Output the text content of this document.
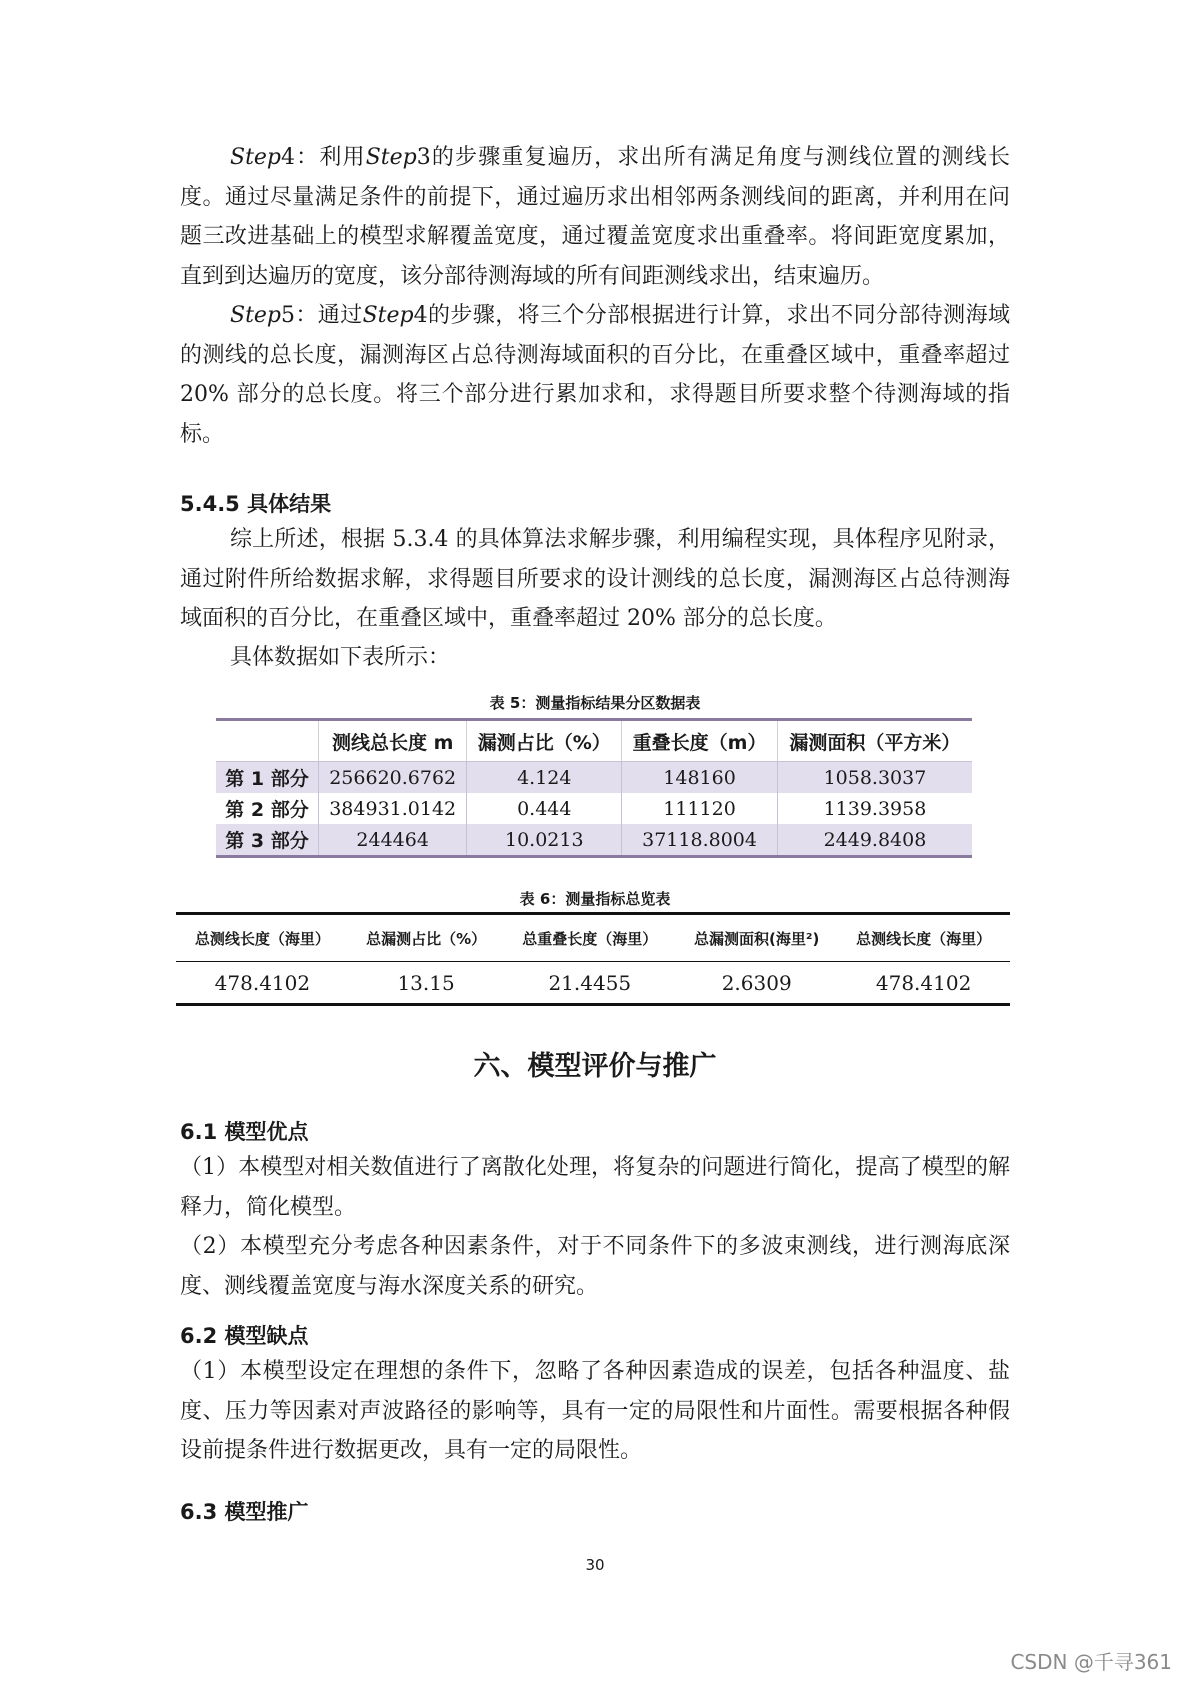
Step4：利用Step3的步骤重复遍历，求出所有满足角度与测线位置的测线长度。通过尽量满足条件的前提下，通过遍历求出相邻两条测线间的距离，并利用在问题三改进基础上的模型求解覆盖宽度，通过覆盖宽度求出重叠率。将间距宽度累加，直到到达遍历的宽度，该分部待测海域的所有间距测线求出，结束遍历。

Step5：通过Step4的步骤，将三个分部根据进行计算，求出不同分部待测海域的测线的总长度，漏测海区占总待测海域面积的百分比，在重叠区域中，重叠率超过 20% 部分的总长度。将三个部分进行累加求和，求得题目所要求整个待测海域的指标。

5.4.5 具体结果

综上所述，根据 5.3.4 的具体算法求解步骤，利用编程实现，具体程序见附录，通过附件所给数据求解，求得题目所要求的设计测线的总长度，漏测海区占总待测海域面积的百分比，在重叠区域中，重叠率超过 20% 部分的总长度。

具体数据如下表所示：

表 5：测量指标结果分区数据表

	测线总长度 m	漏测占比（%）	重叠长度（m）	漏测面积（平方米）
第 1 部分	256620.6762	4.124	148160	1058.3037
第 2 部分	384931.0142	0.444	111120	1139.3958
第 3 部分	244464	10.0213	37118.8004	2449.8408

表 6：测量指标总览表

总测线长度（海里）	总漏测占比（%）	总重叠长度（海里）	总漏测面积(海里²)	总测线长度（海里）
478.4102	13.15	21.4455	2.6309	478.4102

六、模型评价与推广

6.1 模型优点

（1）本模型对相关数值进行了离散化处理，将复杂的问题进行简化，提高了模型的解释力，简化模型。

（2）本模型充分考虑各种因素条件，对于不同条件下的多波束测线，进行测海底深度、测线覆盖宽度与海水深度关系的研究。

6.2 模型缺点

（1）本模型设定在理想的条件下，忽略了各种因素造成的误差，包括各种温度、盐度、压力等因素对声波路径的影响等，具有一定的局限性和片面性。需要根据各种假设前提条件进行数据更改，具有一定的局限性。

6.3 模型推广

30

CSDN @千寻361
